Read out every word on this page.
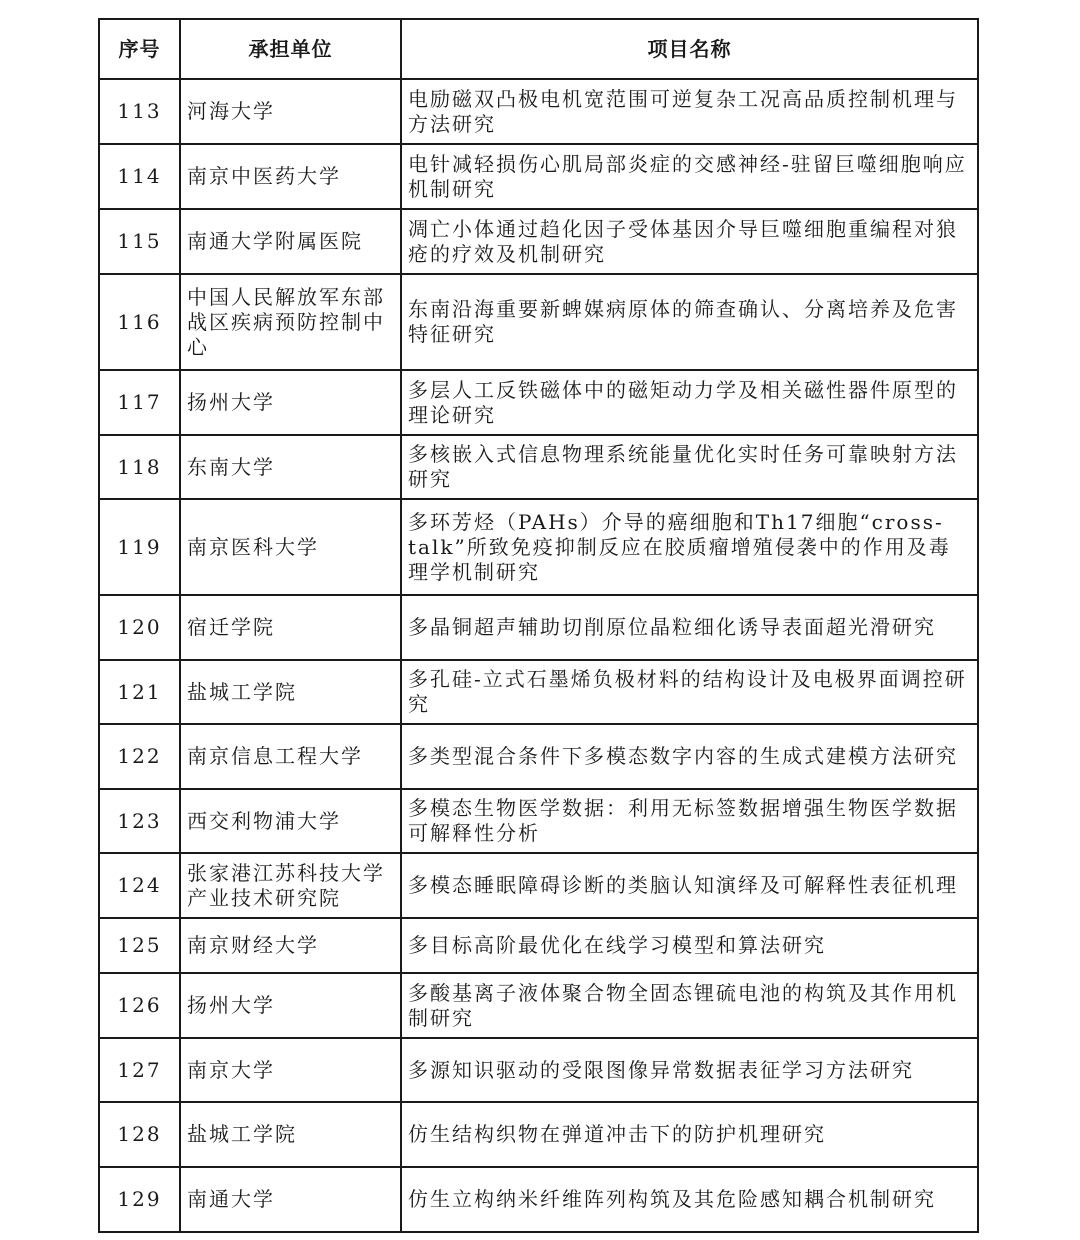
序号	承担单位	项目名称
113	河海大学	电励磁双凸极电机宽范围可逆复杂工况高品质控制机理与方法研究
114	南京中医药大学	电针减轻损伤心肌局部炎症的交感神经-驻留巨噬细胞响应机制研究
115	南通大学附属医院	凋亡小体通过趋化因子受体基因介导巨噬细胞重编程对狼疮的疗效及机制研究
116	中国人民解放军东部战区疾病预防控制中心	东南沿海重要新蜱媒病原体的筛查确认、分离培养及危害特征研究
117	扬州大学	多层人工反铁磁体中的磁矩动力学及相关磁性器件原型的理论研究
118	东南大学	多核嵌入式信息物理系统能量优化实时任务可靠映射方法研究
119	南京医科大学	多环芳烃（PAHs）介导的癌细胞和Th17细胞“cross-talk”所致免疫抑制反应在胶质瘤增殖侵袭中的作用及毒理学机制研究
120	宿迁学院	多晶铜超声辅助切削原位晶粒细化诱导表面超光滑研究
121	盐城工学院	多孔硅-立式石墨烯负极材料的结构设计及电极界面调控研究
122	南京信息工程大学	多类型混合条件下多模态数字内容的生成式建模方法研究
123	西交利物浦大学	多模态生物医学数据：利用无标签数据增强生物医学数据可解释性分析
124	张家港江苏科技大学产业技术研究院	多模态睡眠障碍诊断的类脑认知演绎及可解释性表征机理
125	南京财经大学	多目标高阶最优化在线学习模型和算法研究
126	扬州大学	多酸基离子液体聚合物全固态锂硫电池的构筑及其作用机制研究
127	南京大学	多源知识驱动的受限图像异常数据表征学习方法研究
128	盐城工学院	仿生结构织物在弹道冲击下的防护机理研究
129	南通大学	仿生立构纳米纤维阵列构筑及其危险感知耦合机制研究
